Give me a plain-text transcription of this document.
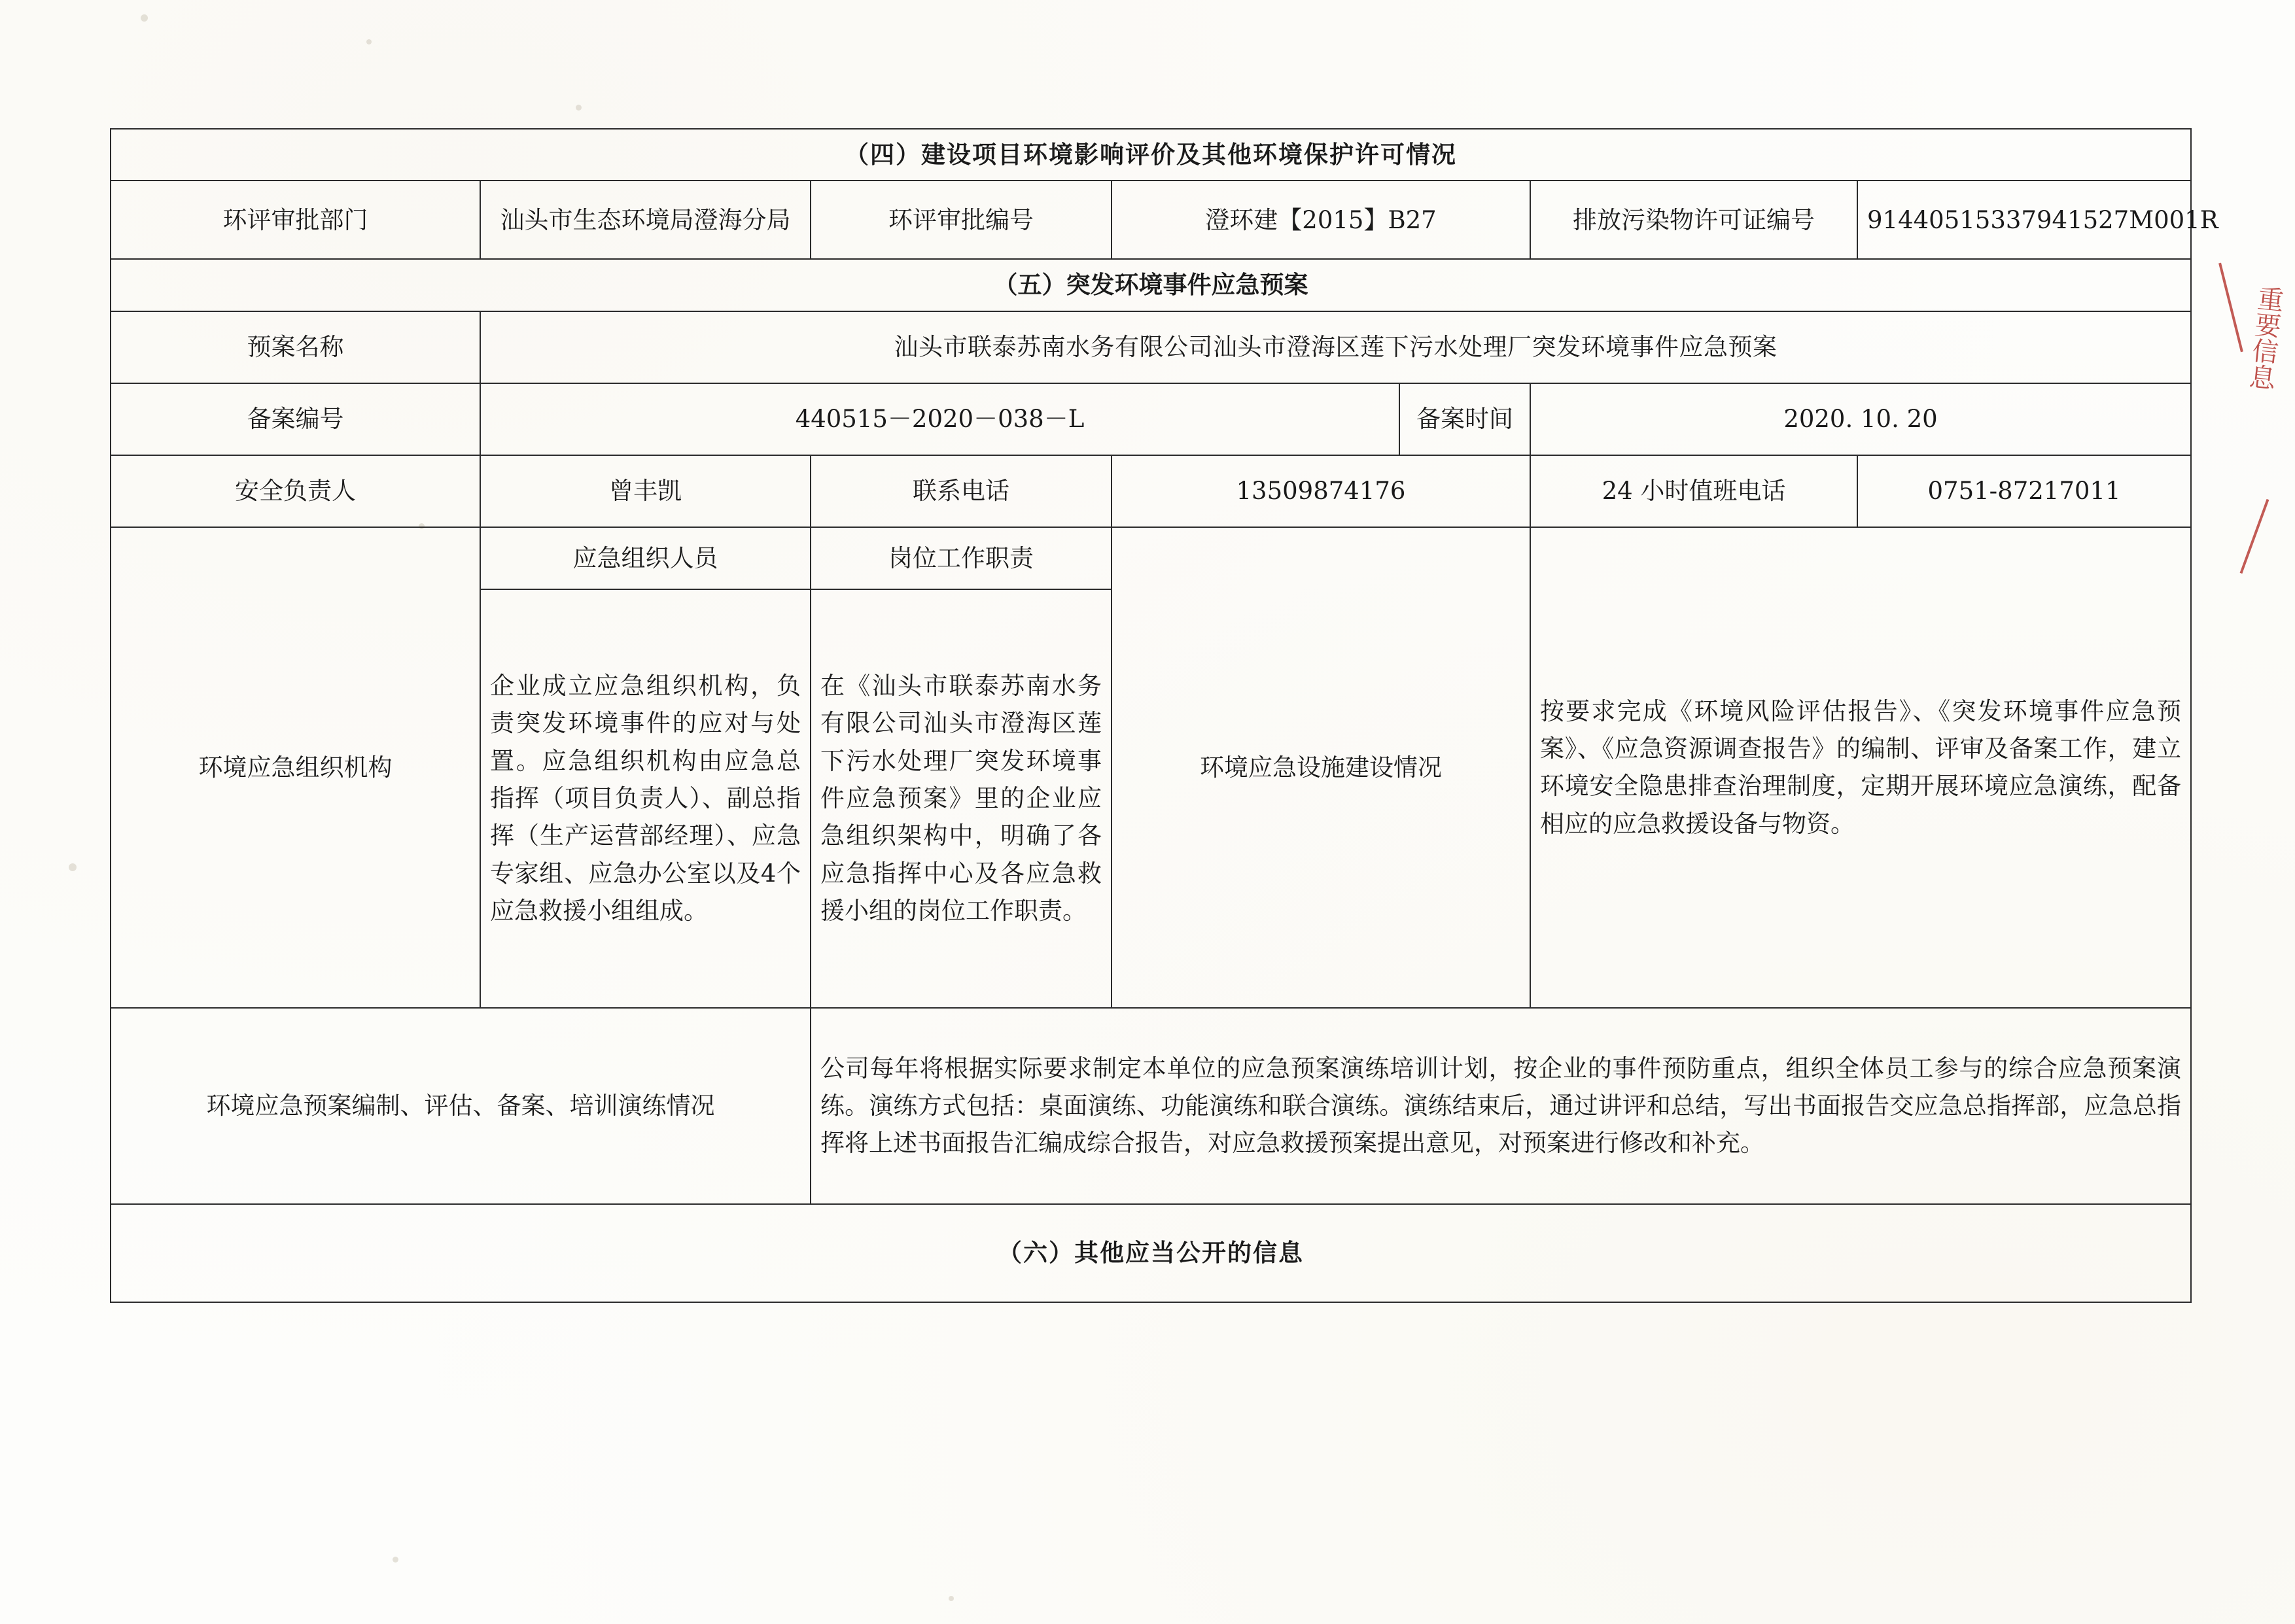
重要信息
（四）建设项目环境影响评价及其他环境保护许可情况						
环评审批部门	汕头市生态环境局澄海分局	环评审批编号	澄环建【2015】B27		排放污染物许可证编号	91440515337941527M001R
（五）突发环境事件应急预案						
预案名称	汕头市联泰苏南水务有限公司汕头市澄海区莲下污水处理厂突发环境事件应急预案					
备案编号	440515－2020－038－L			备案时间	2020. 10. 20	
安全负责人	曾丰凯	联系电话	13509874176		24 小时值班电话	0751-87217011
环境应急组织机构	应急组织人员	岗位工作职责	环境应急设施建设情况		按要求完成《环境风险评估报告》、《突发环境事件应急预案》、《应急资源调查报告》的编制、评审及备案工作，建立环境安全隐患排查治理制度，定期开展环境应急演练，配备相应的应急救援设备与物资。	
	企业成立应急组织机构，负责突发环境事件的应对与处置。应急组织机构由应急总指挥（项目负责人）、副总指挥（生产运营部经理）、应急专家组、应急办公室以及4个应急救援小组组成。	在《汕头市联泰苏南水务有限公司汕头市澄海区莲下污水处理厂突发环境事件应急预案》里的企业应急组织架构中，明确了各应急指挥中心及各应急救援小组的岗位工作职责。				
环境应急预案编制、评估、备案、培训演练情况		公司每年将根据实际要求制定本单位的应急预案演练培训计划，按企业的事件预防重点，组织全体员工参与的综合应急预案演练。演练方式包括：桌面演练、功能演练和联合演练。演练结束后，通过讲评和总结，写出书面报告交应急总指挥部，应急总指挥将上述书面报告汇编成综合报告，对应急救援预案提出意见，对预案进行修改和补充。				
（六）其他应当公开的信息						
